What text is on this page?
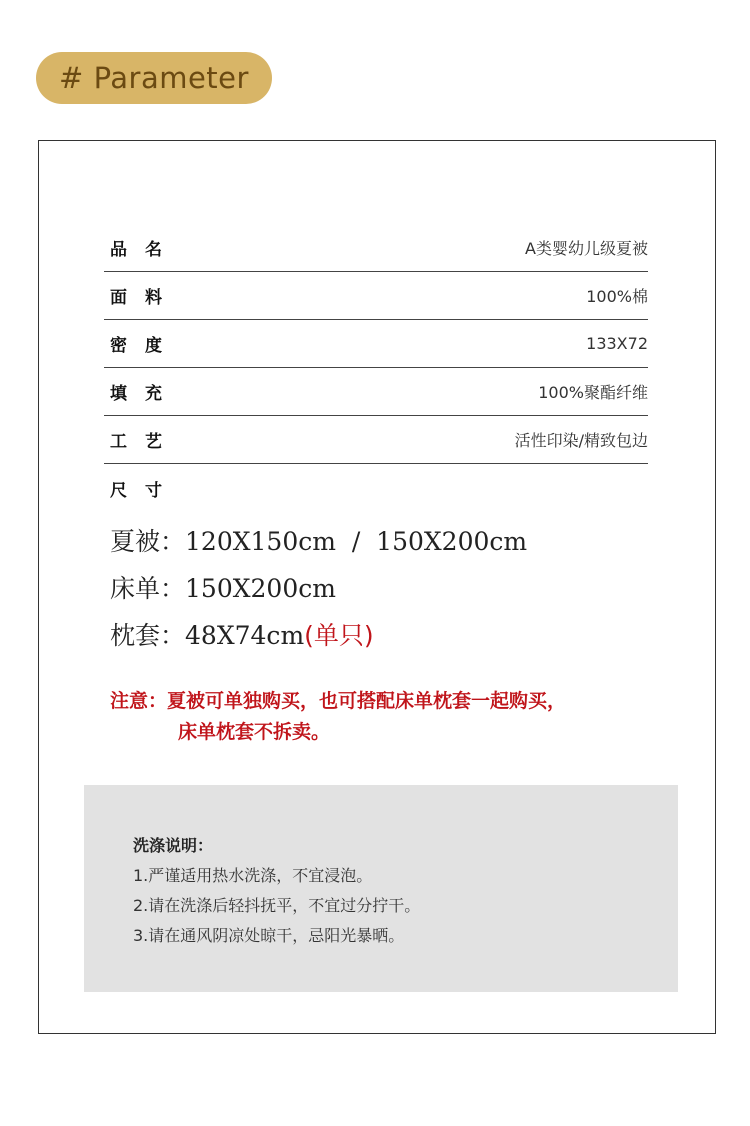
# Parameter
品名	A类婴幼儿级夏被
面料	100%棉
密度	133X72
填充	100%聚酯纤维
工艺	活性印染/精致包边
尺寸
夏被：120X150cm  /  150X200cm
床单：150X200cm
枕套：48X74cm(单只)
注意：夏被可单独购买，也可搭配床单枕套一起购买，
床单枕套不拆卖。
洗涤说明：
1.严谨适用热水洗涤，不宜浸泡。
2.请在洗涤后轻抖抚平，不宜过分拧干。
3.请在通风阴凉处晾干，忌阳光暴晒。
